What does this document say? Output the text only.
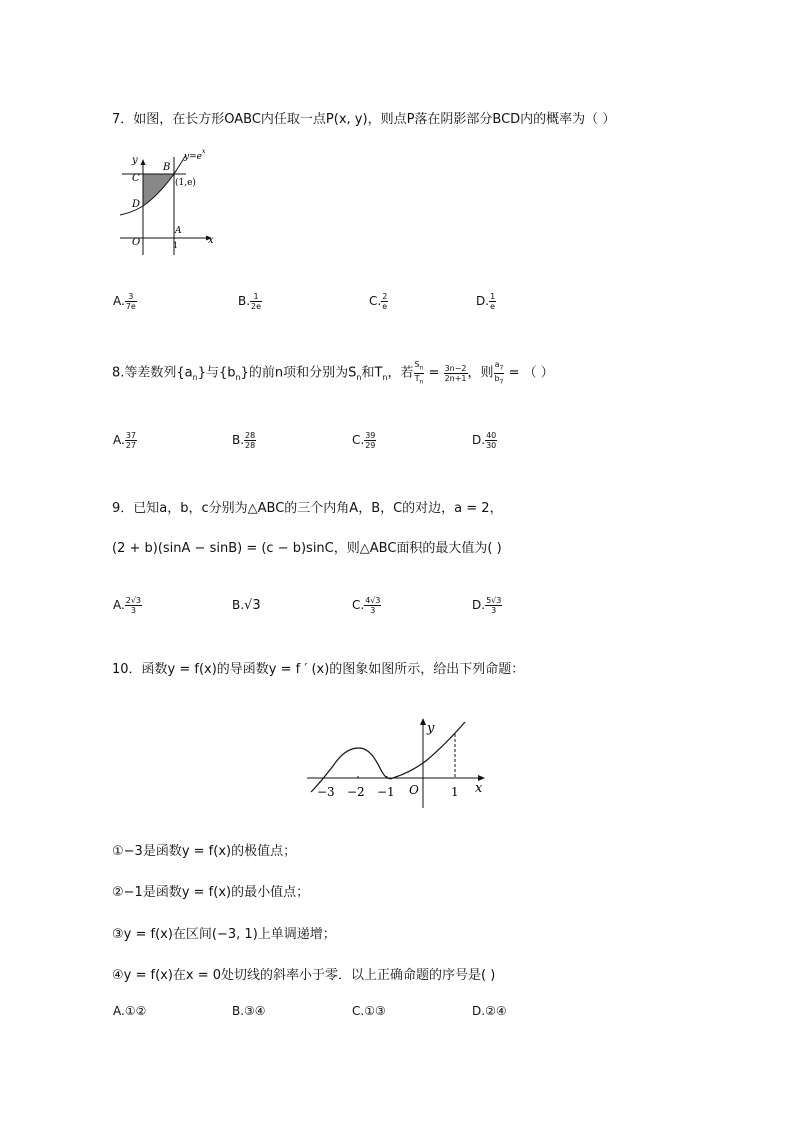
7．如图，在长方形OABC内任取一点P(x, y)，则点P落在阴影部分BCD内的概率为（ ）
y=e
x
y
x
C
B
D
A
O	1
(1,e)
A. $\frac{3}{7e}$	B. $\frac{1}{2e}$	C. $\frac{2}{e}$	D. $\frac{1}{e}$
8.等差数列$\{a_n\}$与$\{b_n\}$的前n项和分别为$S_n$和$T_n$，若 $\frac{S_n}{T_n} = \frac{3n-2}{2n+1}$ ，则 $\frac{a_7}{b_7}$ = （ ）
A. $\frac{37}{27}$	B. $\frac{28}{28}$	C. $\frac{39}{29}$	D. $\frac{40}{30}$
9．已知a，b，c分别为△ABC的三个内角A，B，C的对边，a = 2，
(2 + b)(sinA − sinB) = (c − b)sinC，则△ABC面积的最大值为( )
A. $\frac{2√3}{3}$	B.√3	C. $\frac{4√3}{3}$	D. $\frac{5√3}{3}$
10．函数y = f(x)的导函数y = f ′ (x)的图象如图所示，给出下列命题：
y
x
−3 −2 −1 O	1
①−3是函数y = f(x)的极值点；
②−1是函数y = f(x)的最小值点；
③y = f(x)在区间(−3, 1)上单调递增；
④y = f(x)在x = 0处切线的斜率小于零．以上正确命题的序号是( )
A.①②	B.③④	C.①③	D.②④
